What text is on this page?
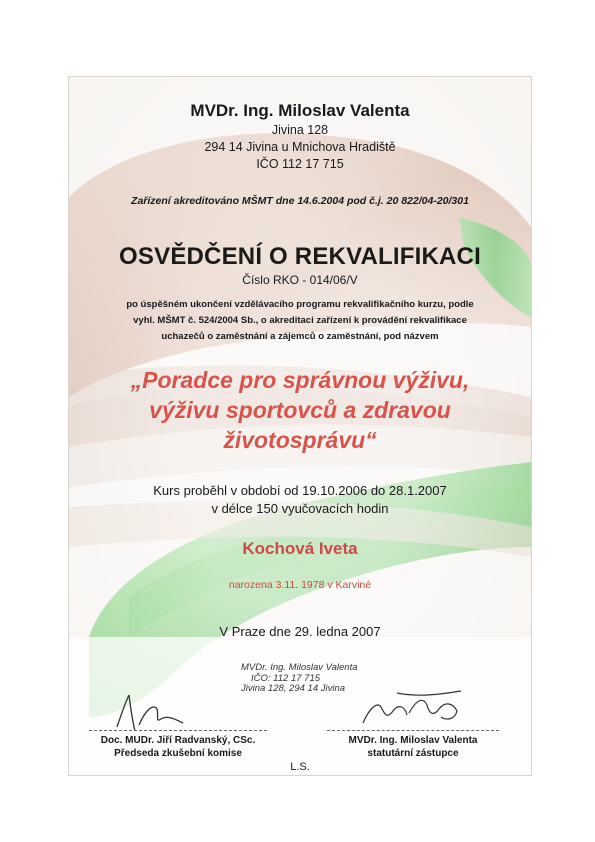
MVDr. Ing. Miloslav Valenta
Jivina 128
294 14 Jivina u Mnichova Hradiště
IČO 112 17 715
Zařízení akreditováno MŠMT dne 14.6.2004 pod č.j. 20 822/04-20/301
OSVĚDČENÍ O REKVALIFIKACI
Číslo RKO - 014/06/V
po úspěšném ukončení vzdělávacího programu rekvalifikačního kurzu, podle
vyhl. MŠMT č. 524/2004 Sb., o akreditaci zařízení k provádění rekvalifikace
uchazečů o zaměstnání a zájemců o zaměstnání, pod názvem
„Poradce pro správnou výživu,
výživu sportovců a zdravou
životosprávu“
Kurs proběhl v období od 19.10.2006 do 28.1.2007
v délce 150 vyučovacích hodin
Kochová Iveta
narozena 3.11. 1978 v Karviné
V Praze dne 29. ledna 2007
MVDr. Ing. Miloslav Valenta
IČO: 112 17 715
Jivina 128, 294 14 Jivina
Doc. MUDr. Jiří Radvanský, CSc.
Předseda zkušební komise
MVDr. Ing. Miloslav Valenta
statutární zástupce
L.S.
